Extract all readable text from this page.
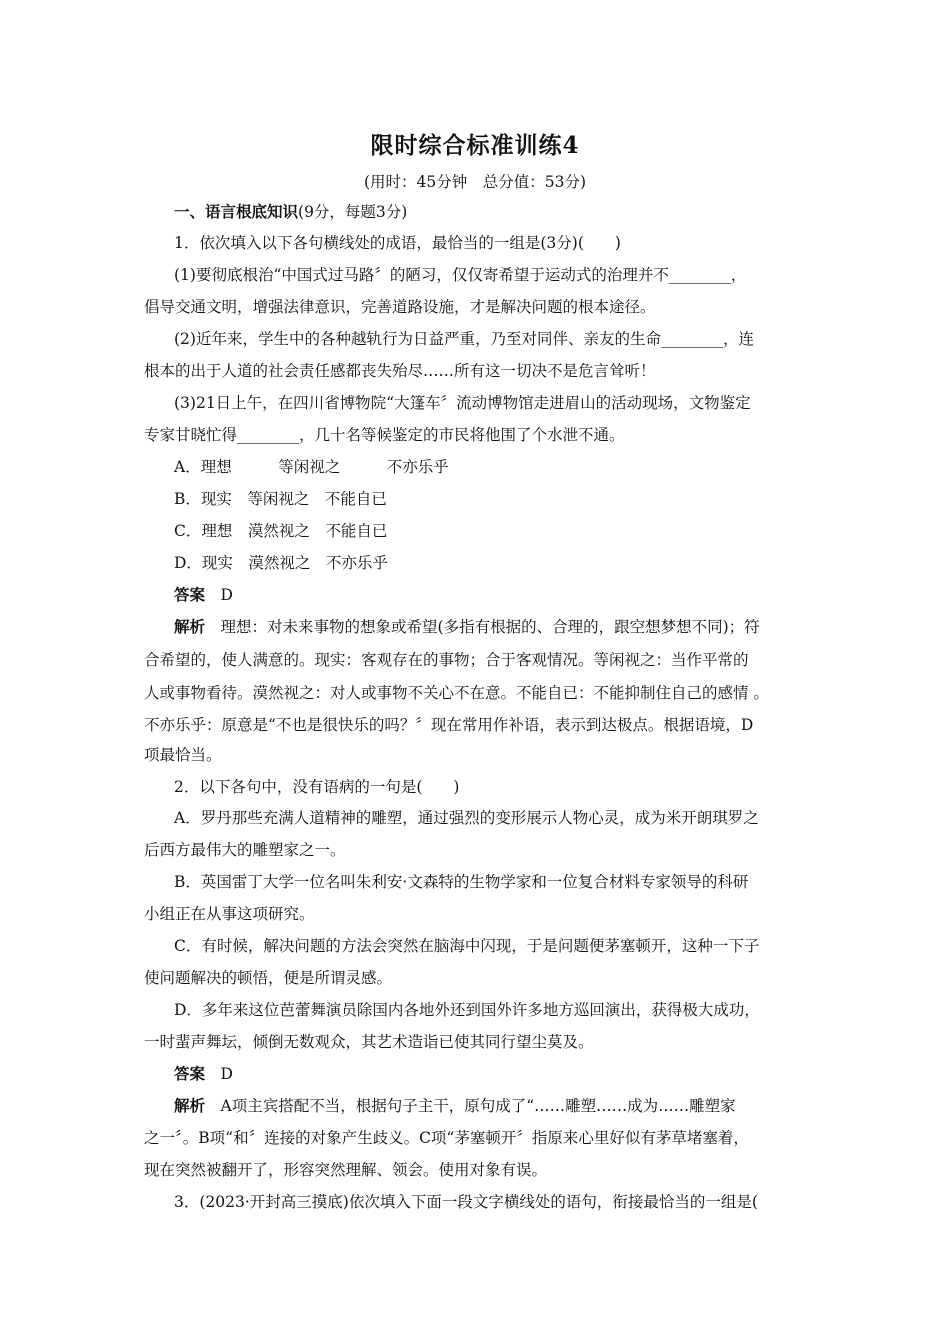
限时综合标准训练4
(用时：45分钟　总分值：53分)
一、语言根底知识(9分，每题3分)
1．依次填入以下各句横线处的成语，最恰当的一组是(3分)(　　)
(1)要彻底根治“中国式过马路〞的陋习，仅仅寄希望于运动式的治理并不________，
倡导交通文明，增强法律意识，完善道路设施，才是解决问题的根本途径。
(2)近年来，学生中的各种越轨行为日益严重，乃至对同伴、亲友的生命________，连
根本的出于人道的社会责任感都丧失殆尽……所有这一切决不是危言耸听！
(3)21日上午，在四川省博物院“大篷车〞流动博物馆走进眉山的活动现场，文物鉴定
专家甘晓忙得________，几十名等候鉴定的市民将他围了个水泄不通。
A．理想　　　等闲视之　　　不亦乐乎
B．现实　等闲视之　不能自已
C．理想　漠然视之　不能自已
D．现实　漠然视之　不亦乐乎
答案　D
解析　理想：对未来事物的想象或希望(多指有根据的、合理的，跟空想梦想不同)；符
合希望的，使人满意的。现实：客观存在的事物；合于客观情况。等闲视之：当作平常的
人或事物看待。漠然视之：对人或事物不关心不在意。不能自已：不能抑制住自己的感情 。
不亦乐乎：原意是“不也是很快乐的吗？〞现在常用作补语，表示到达极点。根据语境，D
项最恰当。
2．以下各句中，没有语病的一句是(　　)
A．罗丹那些充满人道精神的雕塑，通过强烈的变形展示人物心灵，成为米开朗琪罗之
后西方最伟大的雕塑家之一。
B．英国雷丁大学一位名叫朱利安·文森特的生物学家和一位复合材料专家领导的科研
小组正在从事这项研究。
C．有时候，解决问题的方法会突然在脑海中闪现，于是问题便茅塞顿开，这种一下子
使问题解决的顿悟，便是所谓灵感。
D．多年来这位芭蕾舞演员除国内各地外还到国外许多地方巡回演出，获得极大成功，
一时蜚声舞坛，倾倒无数观众，其艺术造诣已使其同行望尘莫及。
答案　D
解析　A项主宾搭配不当，根据句子主干，原句成了“……雕塑……成为……雕塑家
之一〞。B项“和〞连接的对象产生歧义。C项“茅塞顿开〞指原来心里好似有茅草堵塞着，
现在突然被翻开了，形容突然理解、领会。使用对象有误。
3．(2023·开封高三摸底)依次填入下面一段文字横线处的语句，衔接最恰当的一组是(
